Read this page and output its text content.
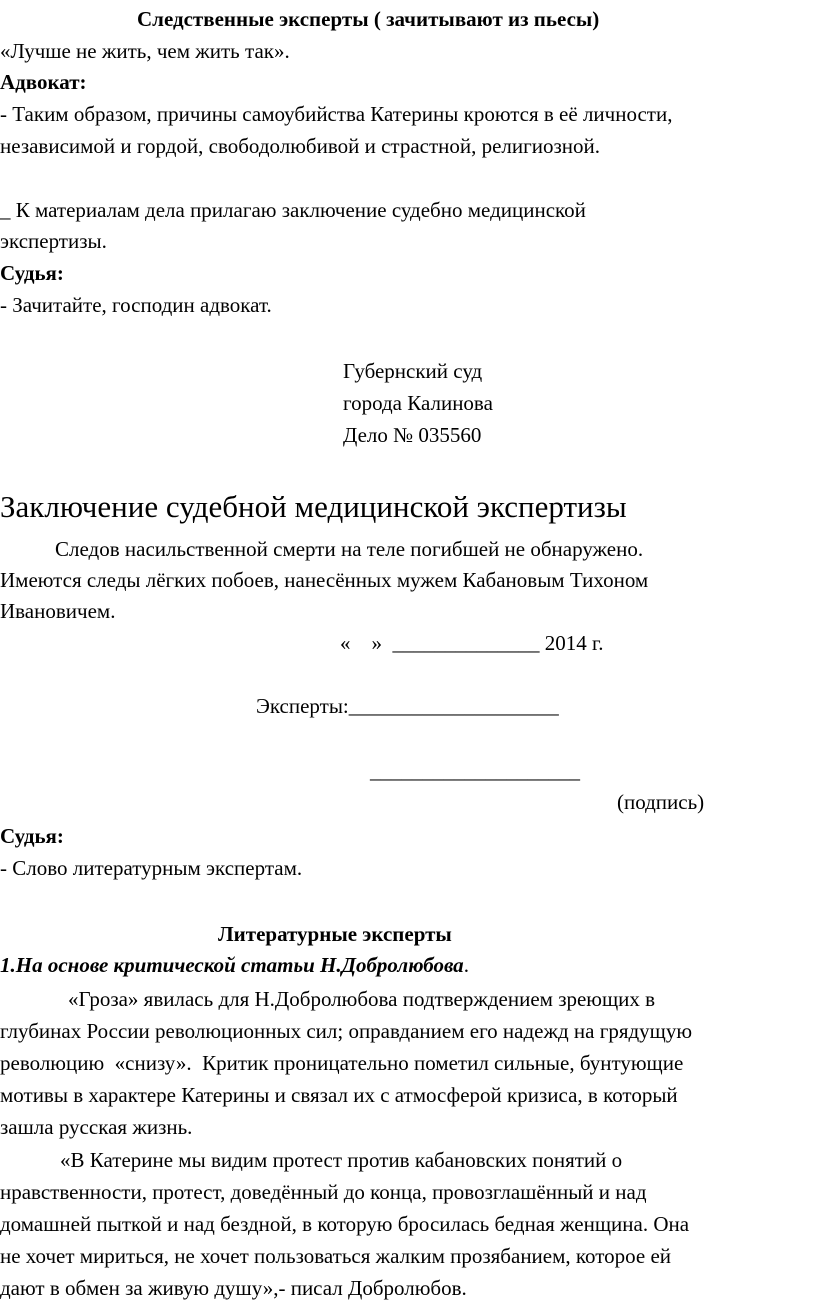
Следственные эксперты ( зачитывают из пьесы)
«Лучше не жить, чем жить так».
Адвокат:
- Таким образом, причины самоубийства Катерины кроются в её личности,
независимой и гордой, свободолюбивой и страстной, религиозной.
_ К материалам дела прилагаю заключение судебно медицинской
экспертизы.
Судья:
- Зачитайте, господин адвокат.
Губернский суд
города Калинова
Дело № 035560
Заключение судебной медицинской экспертизы
Следов насильственной смерти на теле погибшей не обнаружено.
Имеются следы лёгких побоев, нанесённых мужем Кабановым Тихоном
Ивановичем.
«    »  ______________ 2014 г.
Эксперты:____________________
____________________
(подпись)
Судья:
- Слово литературным экспертам.
Литературные эксперты
1.На основе критической статьи Н.Добролюбова.
«Гроза» явилась для Н.Добролюбова подтверждением зреющих в
глубинах России революционных сил; оправданием его надежд на грядущую
революцию  «снизу».  Критик проницательно пометил сильные, бунтующие
мотивы в характере Катерины и связал их с атмосферой кризиса, в который
зашла русская жизнь.
«В Катерине мы видим протест против кабановских понятий о
нравственности, протест, доведённый до конца, провозглашённый и над
домашней пыткой и над бездной, в которую бросилась бедная женщина. Она
не хочет мириться, не хочет пользоваться жалким прозябанием, которое ей
дают в обмен за живую душу»,- писал Добролюбов.
